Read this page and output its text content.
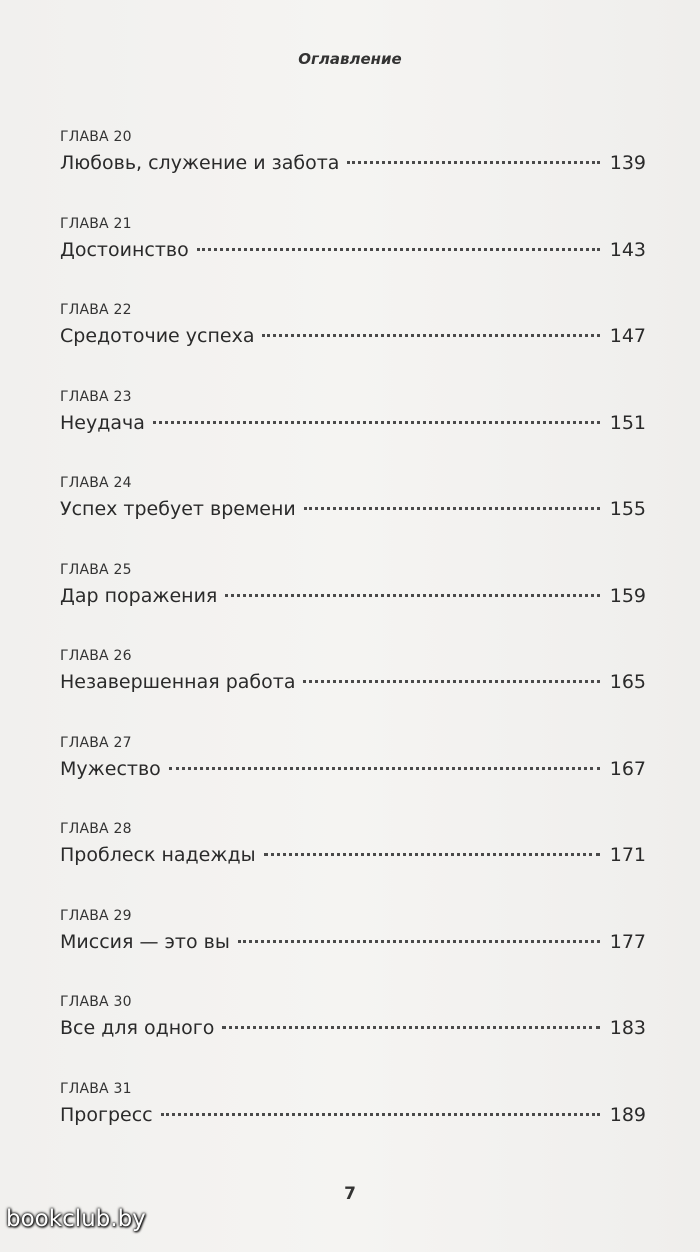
Оглавление
ГЛАВА 20
Любовь, служение и забота	139
ГЛАВА 21
Достоинство	143
ГЛАВА 22
Средоточие успеха	147
ГЛАВА 23
Неудача	151
ГЛАВА 24
Успех требует времени	155
ГЛАВА 25
Дар поражения	159
ГЛАВА 26
Незавершенная работа	165
ГЛАВА 27
Мужество	167
ГЛАВА 28
Проблеск надежды	171
ГЛАВА 29
Миссия — это вы	177
ГЛАВА 30
Все для одного	183
ГЛАВА 31
Прогресс	189
7
bookclub.by
